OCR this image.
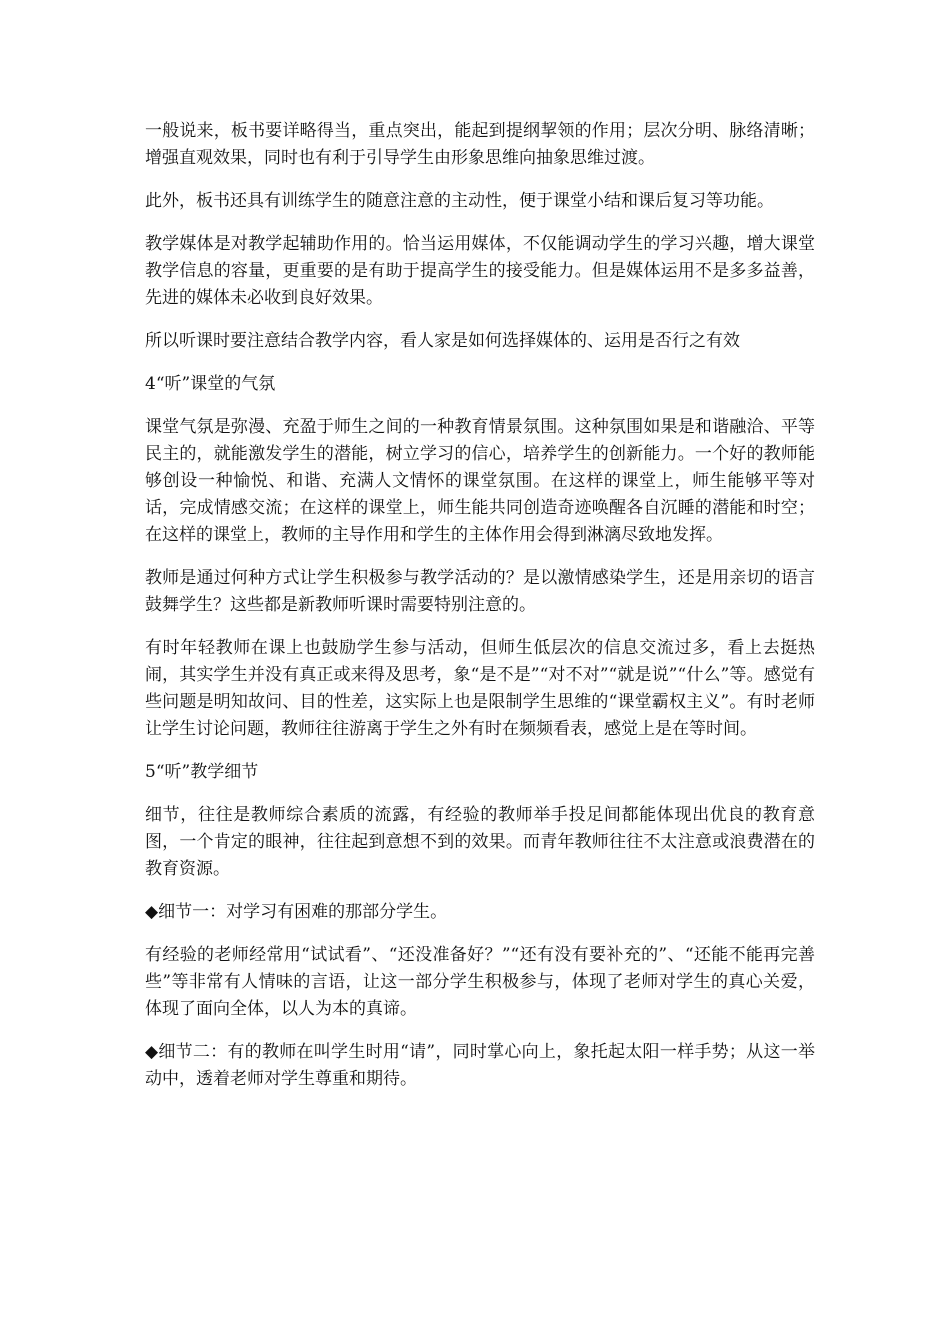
一般说来，板书要详略得当，重点突出，能起到提纲挈领的作用；层次分明、脉络清晰；增强直观效果，同时也有利于引导学生由形象思维向抽象思维过渡。

此外，板书还具有训练学生的随意注意的主动性，便于课堂小结和课后复习等功能。

教学媒体是对教学起辅助作用的。恰当运用媒体，不仅能调动学生的学习兴趣，增大课堂教学信息的容量，更重要的是有助于提高学生的接受能力。但是媒体运用不是多多益善，先进的媒体未必收到良好效果。

所以听课时要注意结合教学内容，看人家是如何选择媒体的、运用是否行之有效

4“听”课堂的气氛

课堂气氛是弥漫、充盈于师生之间的一种教育情景氛围。这种氛围如果是和谐融洽、平等民主的，就能激发学生的潜能，树立学习的信心，培养学生的创新能力。一个好的教师能够创设一种愉悦、和谐、充满人文情怀的课堂氛围。在这样的课堂上，师生能够平等对话，完成情感交流；在这样的课堂上，师生能共同创造奇迹唤醒各自沉睡的潜能和时空；在这样的课堂上，教师的主导作用和学生的主体作用会得到淋漓尽致地发挥。

教师是通过何种方式让学生积极参与教学活动的？是以激情感染学生，还是用亲切的语言鼓舞学生？这些都是新教师听课时需要特别注意的。

有时年轻教师在课上也鼓励学生参与活动，但师生低层次的信息交流过多，看上去挺热闹，其实学生并没有真正或来得及思考，象“是不是”“对不对”“就是说”“什么”等。感觉有些问题是明知故问、目的性差，这实际上也是限制学生思维的“课堂霸权主义”。有时老师让学生讨论问题，教师往往游离于学生之外有时在频频看表，感觉上是在等时间。

5“听”教学细节

细节，往往是教师综合素质的流露，有经验的教师举手投足间都能体现出优良的教育意图，一个肯定的眼神，往往起到意想不到的效果。而青年教师往往不太注意或浪费潜在的教育资源。

◆细节一：对学习有困难的那部分学生。

有经验的老师经常用“试试看”、“还没准备好？”“还有没有要补充的”、“还能不能再完善些”等非常有人情味的言语，让这一部分学生积极参与，体现了老师对学生的真心关爱，体现了面向全体，以人为本的真谛。

◆细节二：有的教师在叫学生时用“请”，同时掌心向上，象托起太阳一样手势；从这一举动中，透着老师对学生尊重和期待。
